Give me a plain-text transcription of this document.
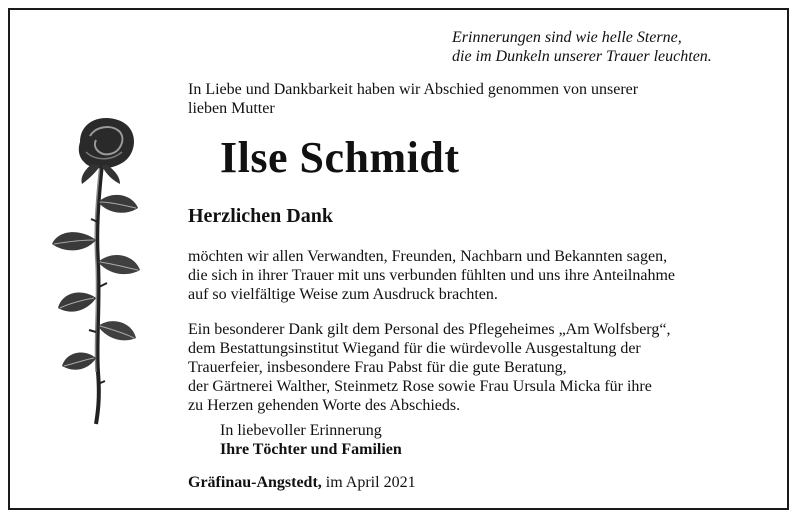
Erinnerungen sind wie helle Sterne,
die im Dunkeln unserer Trauer leuchten.
In Liebe und Dankbarkeit haben wir Abschied genommen von unserer
lieben Mutter
Ilse Schmidt
Herzlichen Dank
möchten wir allen Verwandten, Freunden, Nachbarn und Bekannten sagen,
die sich in ihrer Trauer mit uns verbunden fühlten und uns ihre Anteilnahme
auf so vielfältige Weise zum Ausdruck brachten.
Ein besonderer Dank gilt dem Personal des Pflegeheimes „Am Wolfsberg“,
dem Bestattungsinstitut Wiegand für die würdevolle Ausgestaltung der
Trauerfeier, insbesondere Frau Pabst für die gute Beratung,
der Gärtnerei Walther, Steinmetz Rose sowie Frau Ursula Micka für ihre
zu Herzen gehenden Worte des Abschieds.
In liebevoller Erinnerung
Ihre Töchter und Familien
Gräfinau-Angstedt, im April 2021
